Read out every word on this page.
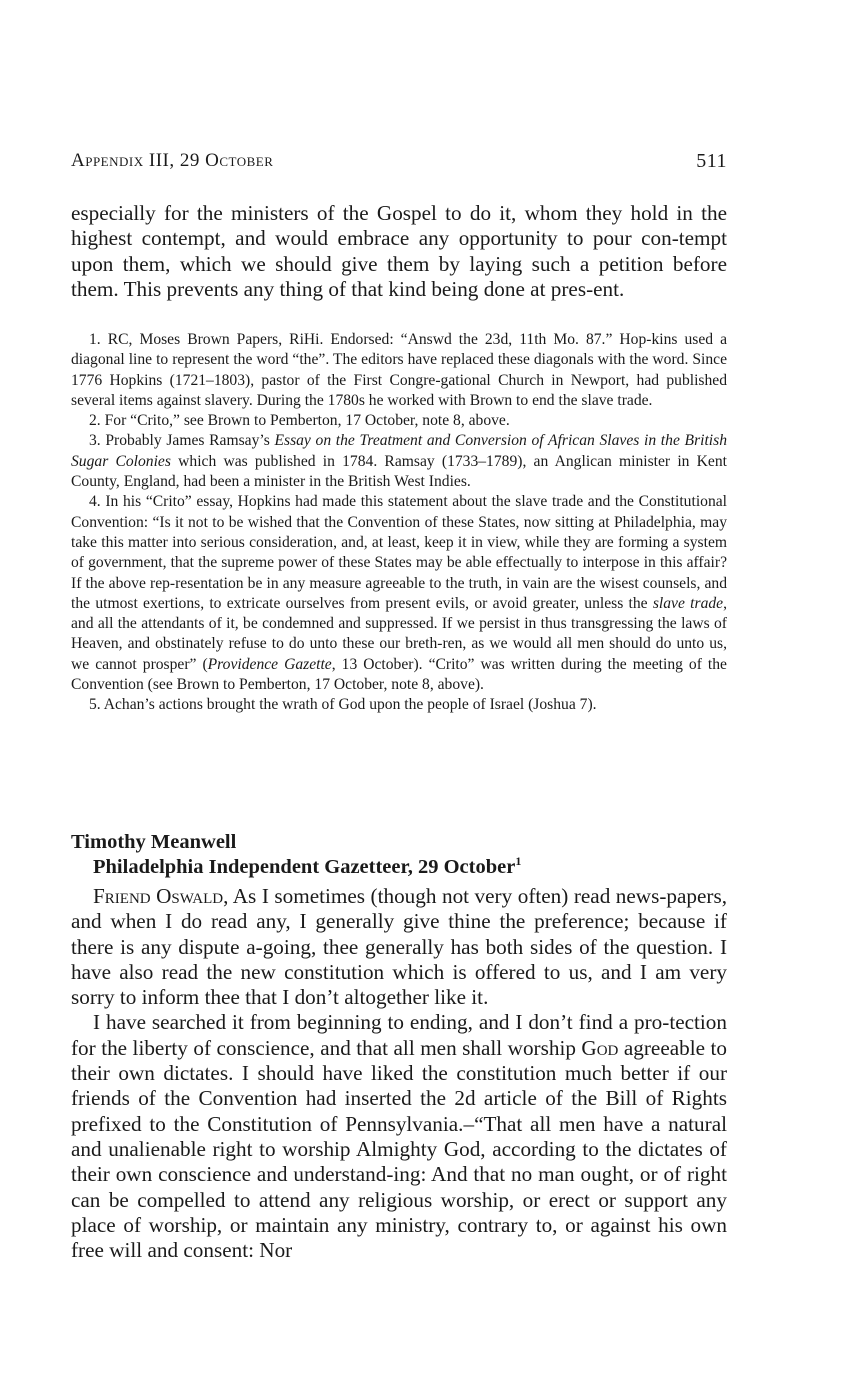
Appendix III, 29 October	511

especially for the ministers of the Gospel to do it, whom they hold in the highest contempt, and would embrace any opportunity to pour con-tempt upon them, which we should give them by laying such a petition before them. This prevents any thing of that kind being done at pres-ent.

1. RC, Moses Brown Papers, RiHi. Endorsed: “Answd the 23d, 11th Mo. 87.” Hop-kins used a diagonal line to represent the word “the”. The editors have replaced these diagonals with the word. Since 1776 Hopkins (1721–1803), pastor of the First Congre-gational Church in Newport, had published several items against slavery. During the 1780s he worked with Brown to end the slave trade.

2. For “Crito,” see Brown to Pemberton, 17 October, note 8, above.

3. Probably James Ramsay’s Essay on the Treatment and Conversion of African Slaves in the British Sugar Colonies which was published in 1784. Ramsay (1733–1789), an Anglican minister in Kent County, England, had been a minister in the British West Indies.

4. In his “Crito” essay, Hopkins had made this statement about the slave trade and the Constitutional Convention: “Is it not to be wished that the Convention of these States, now sitting at Philadelphia, may take this matter into serious consideration, and, at least, keep it in view, while they are forming a system of government, that the supreme power of these States may be able effectually to interpose in this affair? If the above rep-resentation be in any measure agreeable to the truth, in vain are the wisest counsels, and the utmost exertions, to extricate ourselves from present evils, or avoid greater, unless the slave trade, and all the attendants of it, be condemned and suppressed. If we persist in thus transgressing the laws of Heaven, and obstinately refuse to do unto these our breth-ren, as we would all men should do unto us, we cannot prosper” (Providence Gazette, 13 October). “Crito” was written during the meeting of the Convention (see Brown to Pemberton, 17 October, note 8, above).

5. Achan’s actions brought the wrath of God upon the people of Israel (Joshua 7).

Timothy Meanwell
Philadelphia Independent Gazetteer, 29 October$^1$

Friend Oswald, As I sometimes (though not very often) read news-papers, and when I do read any, I generally give thine the preference; because if there is any dispute a-going, thee generally has both sides of the question. I have also read the new constitution which is offered to us, and I am very sorry to inform thee that I don’t altogether like it.

I have searched it from beginning to ending, and I don’t find a pro-tection for the liberty of conscience, and that all men shall worship God agreeable to their own dictates. I should have liked the constitution much better if our friends of the Convention had inserted the 2d article of the Bill of Rights prefixed to the Constitution of Pennsylvania.–“That all men have a natural and unalienable right to worship Almighty God, according to the dictates of their own conscience and understand-ing: And that no man ought, or of right can be compelled to attend any religious worship, or erect or support any place of worship, or maintain any ministry, contrary to, or against his own free will and consent: Nor
